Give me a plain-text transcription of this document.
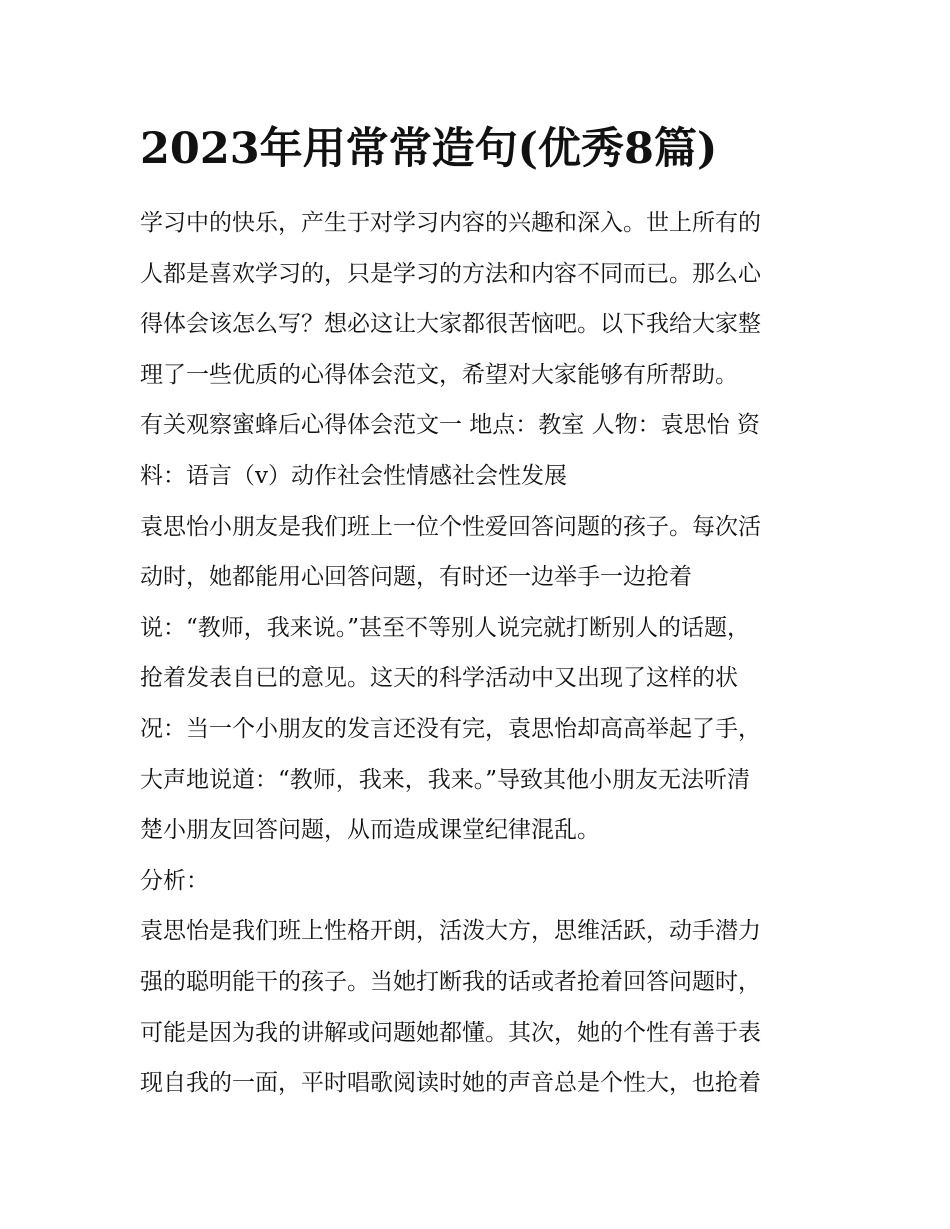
2023年用常常造句(优秀8篇)
学习中的快乐，产生于对学习内容的兴趣和深入。世上所有的
人都是喜欢学习的，只是学习的方法和内容不同而已。那么心
得体会该怎么写？想必这让大家都很苦恼吧。以下我给大家整
理了一些优质的心得体会范文，希望对大家能够有所帮助。
有关观察蜜蜂后心得体会范文一 地点：教室 人物：袁思怡 资
料：语言（v）动作社会性情感社会性发展
袁思怡小朋友是我们班上一位个性爱回答问题的孩子。每次活
动时，她都能用心回答问题，有时还一边举手一边抢着
说：“教师，我来说。”甚至不等别人说完就打断别人的话题，
抢着发表自已的意见。这天的科学活动中又出现了这样的状
况：当一个小朋友的发言还没有完，袁思怡却高高举起了手，
大声地说道：“教师，我来，我来。”导致其他小朋友无法听清
楚小朋友回答问题，从而造成课堂纪律混乱。
分析：
袁思怡是我们班上性格开朗，活泼大方，思维活跃，动手潜力
强的聪明能干的孩子。当她打断我的话或者抢着回答问题时，
可能是因为我的讲解或问题她都懂。其次，她的个性有善于表
现自我的一面，平时唱歌阅读时她的声音总是个性大，也抢着
